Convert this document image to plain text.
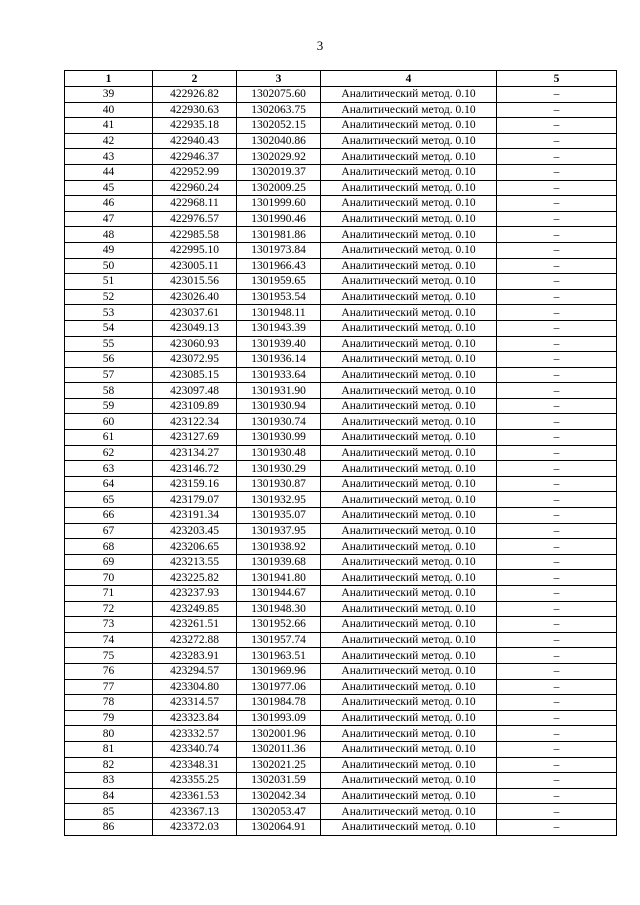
3
1	2	3	4	5
39	422926.82	1302075.60	Аналитический метод. 0.10	–
40	422930.63	1302063.75	Аналитический метод. 0.10	–
41	422935.18	1302052.15	Аналитический метод. 0.10	–
42	422940.43	1302040.86	Аналитический метод. 0.10	–
43	422946.37	1302029.92	Аналитический метод. 0.10	–
44	422952.99	1302019.37	Аналитический метод. 0.10	–
45	422960.24	1302009.25	Аналитический метод. 0.10	–
46	422968.11	1301999.60	Аналитический метод. 0.10	–
47	422976.57	1301990.46	Аналитический метод. 0.10	–
48	422985.58	1301981.86	Аналитический метод. 0.10	–
49	422995.10	1301973.84	Аналитический метод. 0.10	–
50	423005.11	1301966.43	Аналитический метод. 0.10	–
51	423015.56	1301959.65	Аналитический метод. 0.10	–
52	423026.40	1301953.54	Аналитический метод. 0.10	–
53	423037.61	1301948.11	Аналитический метод. 0.10	–
54	423049.13	1301943.39	Аналитический метод. 0.10	–
55	423060.93	1301939.40	Аналитический метод. 0.10	–
56	423072.95	1301936.14	Аналитический метод. 0.10	–
57	423085.15	1301933.64	Аналитический метод. 0.10	–
58	423097.48	1301931.90	Аналитический метод. 0.10	–
59	423109.89	1301930.94	Аналитический метод. 0.10	–
60	423122.34	1301930.74	Аналитический метод. 0.10	–
61	423127.69	1301930.99	Аналитический метод. 0.10	–
62	423134.27	1301930.48	Аналитический метод. 0.10	–
63	423146.72	1301930.29	Аналитический метод. 0.10	–
64	423159.16	1301930.87	Аналитический метод. 0.10	–
65	423179.07	1301932.95	Аналитический метод. 0.10	–
66	423191.34	1301935.07	Аналитический метод. 0.10	–
67	423203.45	1301937.95	Аналитический метод. 0.10	–
68	423206.65	1301938.92	Аналитический метод. 0.10	–
69	423213.55	1301939.68	Аналитический метод. 0.10	–
70	423225.82	1301941.80	Аналитический метод. 0.10	–
71	423237.93	1301944.67	Аналитический метод. 0.10	–
72	423249.85	1301948.30	Аналитический метод. 0.10	–
73	423261.51	1301952.66	Аналитический метод. 0.10	–
74	423272.88	1301957.74	Аналитический метод. 0.10	–
75	423283.91	1301963.51	Аналитический метод. 0.10	–
76	423294.57	1301969.96	Аналитический метод. 0.10	–
77	423304.80	1301977.06	Аналитический метод. 0.10	–
78	423314.57	1301984.78	Аналитический метод. 0.10	–
79	423323.84	1301993.09	Аналитический метод. 0.10	–
80	423332.57	1302001.96	Аналитический метод. 0.10	–
81	423340.74	1302011.36	Аналитический метод. 0.10	–
82	423348.31	1302021.25	Аналитический метод. 0.10	–
83	423355.25	1302031.59	Аналитический метод. 0.10	–
84	423361.53	1302042.34	Аналитический метод. 0.10	–
85	423367.13	1302053.47	Аналитический метод. 0.10	–
86	423372.03	1302064.91	Аналитический метод. 0.10	–
